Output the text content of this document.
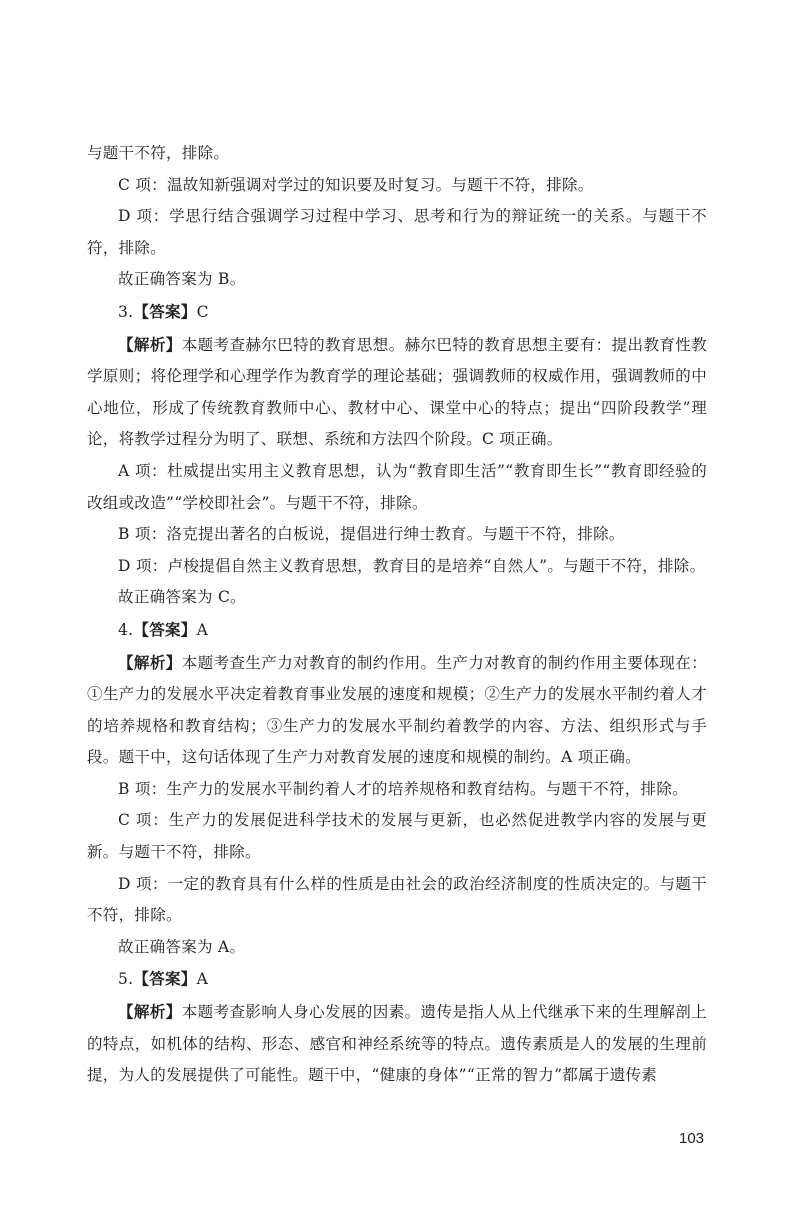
与题干不符，排除。

C 项：温故知新强调对学过的知识要及时复习。与题干不符，排除。

D 项：学思行结合强调学习过程中学习、思考和行为的辩证统一的关系。与题干不符，排除。

故正确答案为 B。

3.【答案】C

【解析】本题考查赫尔巴特的教育思想。赫尔巴特的教育思想主要有：提出教育性教学原则；将伦理学和心理学作为教育学的理论基础；强调教师的权威作用，强调教师的中心地位，形成了传统教育教师中心、教材中心、课堂中心的特点；提出“四阶段教学”理论，将教学过程分为明了、联想、系统和方法四个阶段。C 项正确。

A 项：杜威提出实用主义教育思想，认为“教育即生活”“教育即生长”“教育即经验的改组或改造”“学校即社会”。与题干不符，排除。

B 项：洛克提出著名的白板说，提倡进行绅士教育。与题干不符，排除。

D 项：卢梭提倡自然主义教育思想，教育目的是培养“自然人”。与题干不符，排除。

故正确答案为 C。

4.【答案】A

【解析】本题考查生产力对教育的制约作用。生产力对教育的制约作用主要体现在：①生产力的发展水平决定着教育事业发展的速度和规模；②生产力的发展水平制约着人才的培养规格和教育结构；③生产力的发展水平制约着教学的内容、方法、组织形式与手段。题干中，这句话体现了生产力对教育发展的速度和规模的制约。A 项正确。

B 项：生产力的发展水平制约着人才的培养规格和教育结构。与题干不符，排除。

C 项：生产力的发展促进科学技术的发展与更新，也必然促进教学内容的发展与更新。与题干不符，排除。

D 项：一定的教育具有什么样的性质是由社会的政治经济制度的性质决定的。与题干不符，排除。

故正确答案为 A。

5.【答案】A

【解析】本题考查影响人身心发展的因素。遗传是指人从上代继承下来的生理解剖上的特点，如机体的结构、形态、感官和神经系统等的特点。遗传素质是人的发展的生理前提，为人的发展提供了可能性。题干中，“健康的身体”“正常的智力”都属于遗传素

103
